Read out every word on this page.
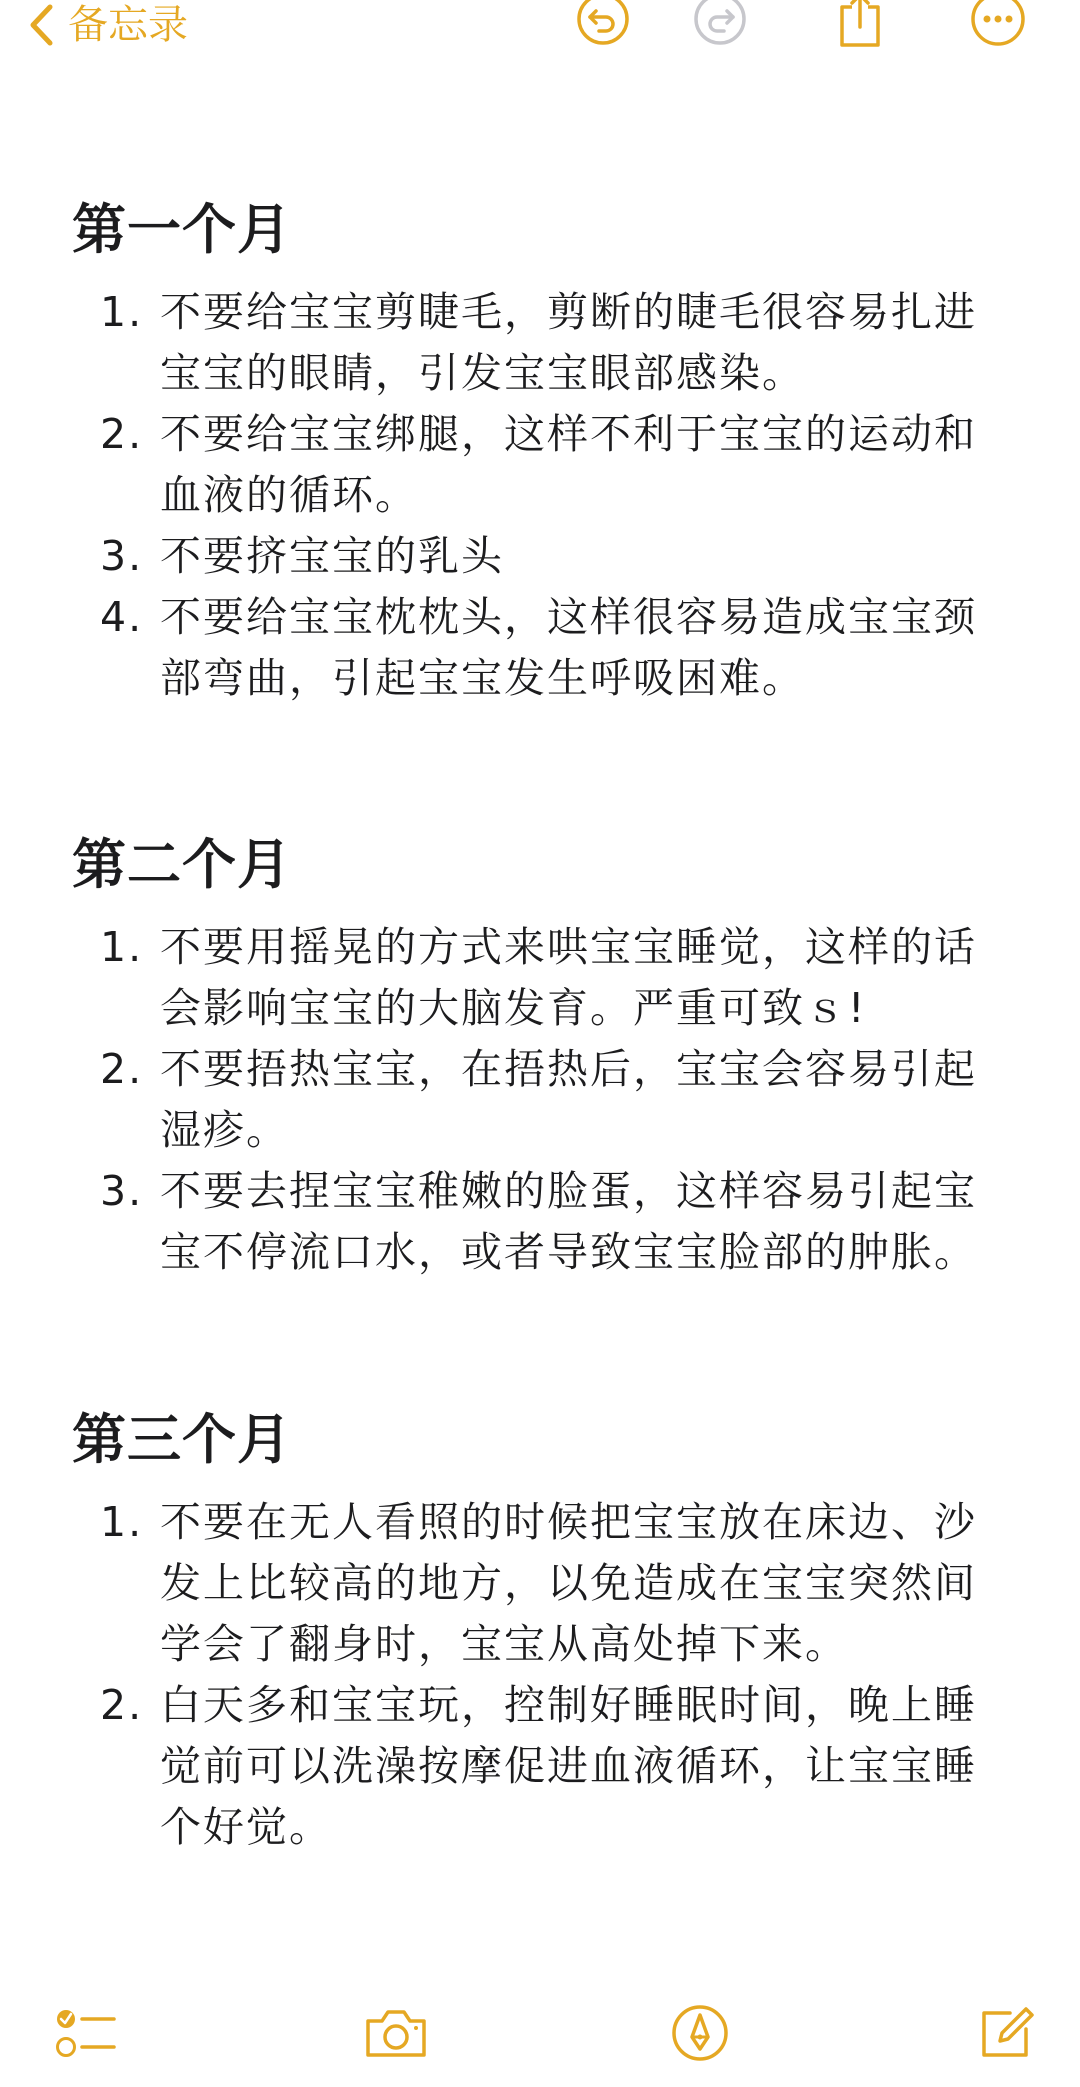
备忘录
第一个月
1. 不要给宝宝剪睫毛，剪断的睫毛很容易扎进宝宝的眼睛，引发宝宝眼部感染。
2. 不要给宝宝绑腿，这样不利于宝宝的运动和血液的循环。
3. 不要挤宝宝的乳头
4. 不要给宝宝枕枕头，这样很容易造成宝宝颈部弯曲，引起宝宝发生呼吸困难。
第二个月
1. 不要用摇晃的方式来哄宝宝睡觉，这样的话会影响宝宝的大脑发育。严重可致ｓ!
2. 不要捂热宝宝，在捂热后，宝宝会容易引起湿疹。
3. 不要去捏宝宝稚嫩的脸蛋，这样容易引起宝宝不停流口水，或者导致宝宝脸部的肿胀。
第三个月
1. 不要在无人看照的时候把宝宝放在床边、沙发上比较高的地方，以免造成在宝宝突然间学会了翻身时，宝宝从高处掉下来。
2. 白天多和宝宝玩，控制好睡眠时间，晚上睡觉前可以洗澡按摩促进血液循环，让宝宝睡个好觉。
